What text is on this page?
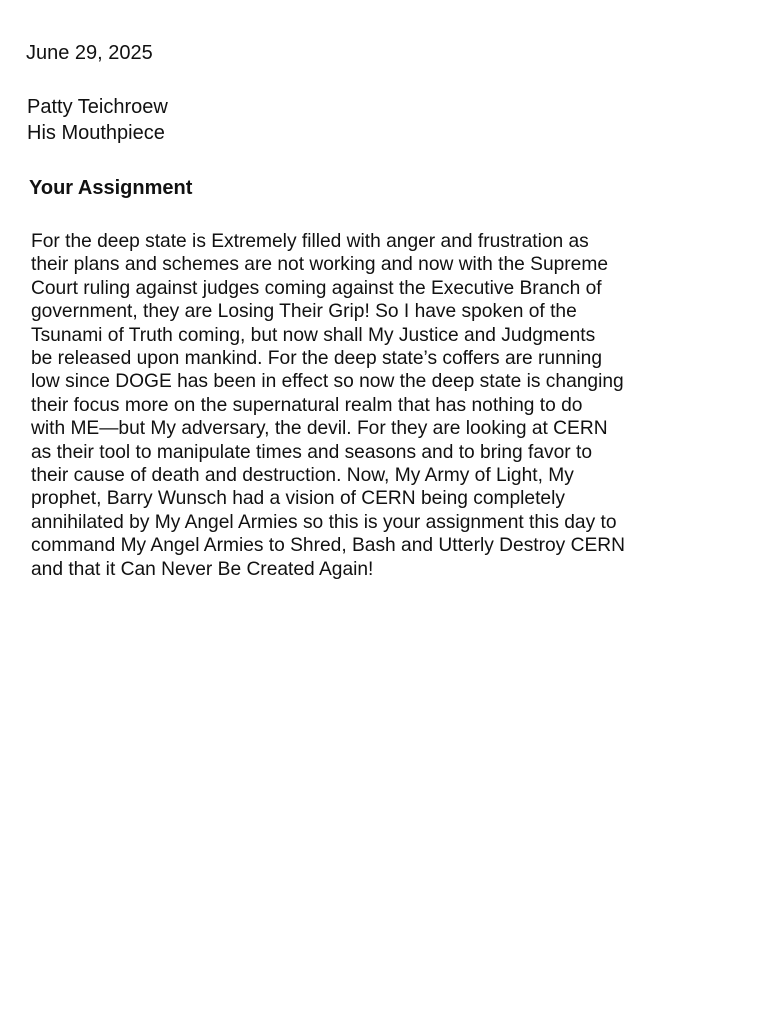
June 29, 2025
Patty Teichroew
His Mouthpiece
Your Assignment
For the deep state is Extremely filled with anger and frustration as
their plans and schemes are not working and now with the Supreme
Court ruling against judges coming against the Executive Branch of
government, they are Losing Their Grip! So I have spoken of the
Tsunami of Truth coming, but now shall My Justice and Judgments
be released upon mankind. For the deep state’s coffers are running
low since DOGE has been in effect so now the deep state is changing
their focus more on the supernatural realm that has nothing to do
with ME—but My adversary, the devil. For they are looking at CERN
as their tool to manipulate times and seasons and to bring favor to
their cause of death and destruction. Now, My Army of Light, My
prophet, Barry Wunsch had a vision of CERN being completely
annihilated by My Angel Armies so this is your assignment this day to
command My Angel Armies to Shred, Bash and Utterly Destroy CERN
and that it Can Never Be Created Again!
